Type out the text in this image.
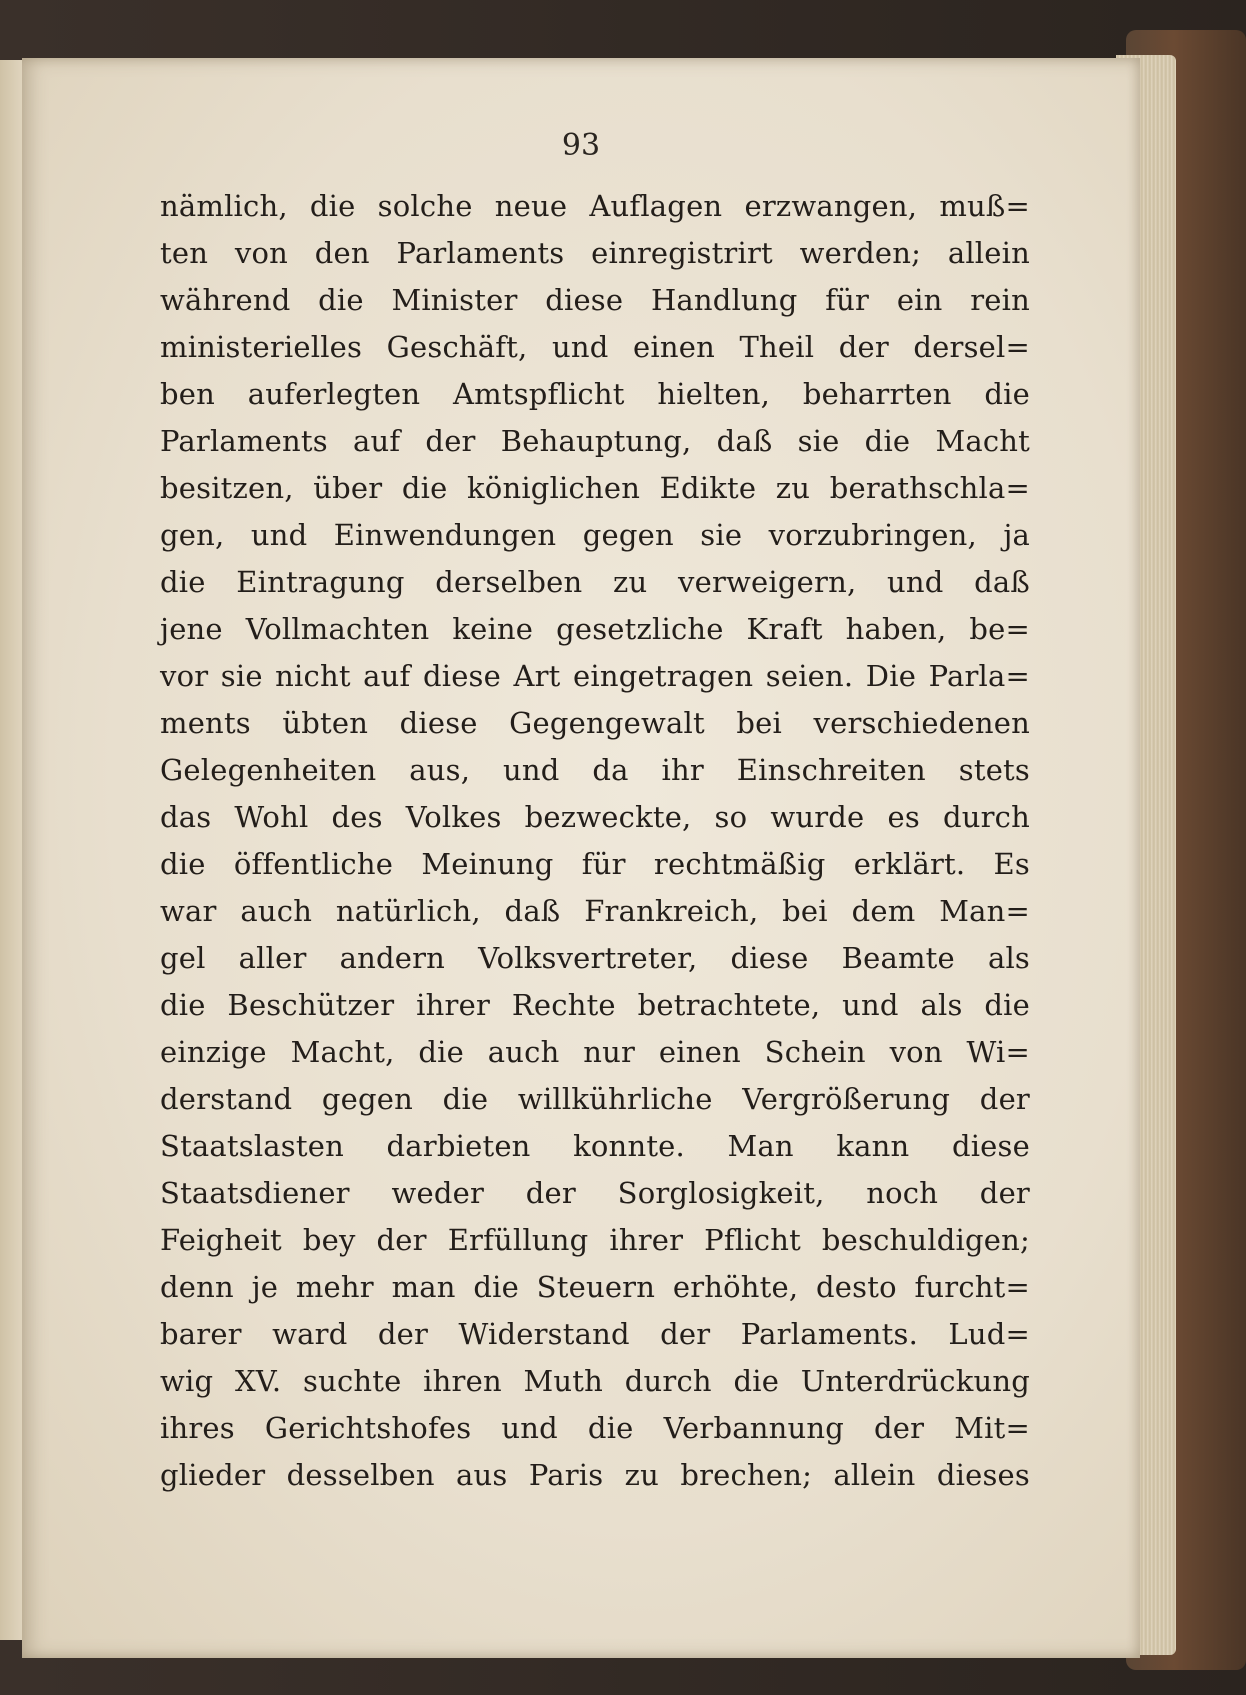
93
nämlich, die solche neue Auflagen erzwangen, muß=
ten von den Parlaments einregistrirt werden; allein
während die Minister diese Handlung für ein rein
ministerielles Geschäft, und einen Theil der dersel=
ben auferlegten Amtspflicht hielten, beharrten die
Parlaments auf der Behauptung, daß sie die Macht
besitzen, über die königlichen Edikte zu berathschla=
gen, und Einwendungen gegen sie vorzubringen, ja
die Eintragung derselben zu verweigern, und daß
jene Vollmachten keine gesetzliche Kraft haben, be=
vor sie nicht auf diese Art eingetragen seien. Die Parla=
ments übten diese Gegengewalt bei verschiedenen
Gelegenheiten aus, und da ihr Einschreiten stets
das Wohl des Volkes bezweckte, so wurde es durch
die öffentliche Meinung für rechtmäßig erklärt. Es
war auch natürlich, daß Frankreich, bei dem Man=
gel aller andern Volksvertreter, diese Beamte als
die Beschützer ihrer Rechte betrachtete, und als die
einzige Macht, die auch nur einen Schein von Wi=
derstand gegen die willkührliche Vergrößerung der
Staatslasten darbieten konnte. Man kann diese
Staatsdiener weder der Sorglosigkeit, noch der
Feigheit bey der Erfüllung ihrer Pflicht beschuldigen;
denn je mehr man die Steuern erhöhte, desto furcht=
barer ward der Widerstand der Parlaments. Lud=
wig XV. suchte ihren Muth durch die Unterdrückung
ihres Gerichtshofes und die Verbannung der Mit=
glieder desselben aus Paris zu brechen; allein dieses
